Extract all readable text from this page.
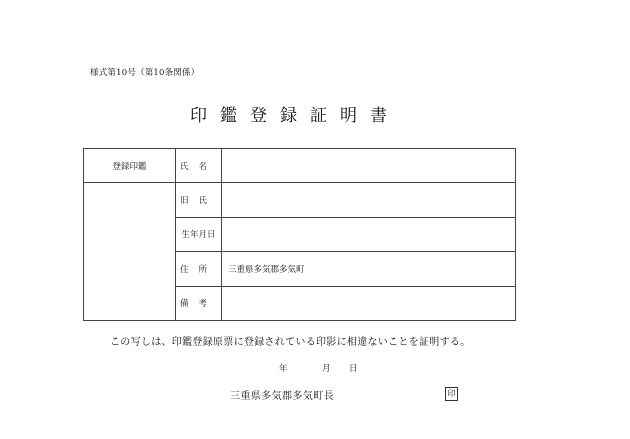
様式第10号（第10条関係）
印鑑登録証明書
登録印鑑	氏名	
	旧氏	
	生年月日	
	住所	三重県多気郡多気町
	備考	
この写しは、印鑑登録原票に登録されている印影に相違ないことを証明する。
年	月 日
三重県多気郡多気町長	印
